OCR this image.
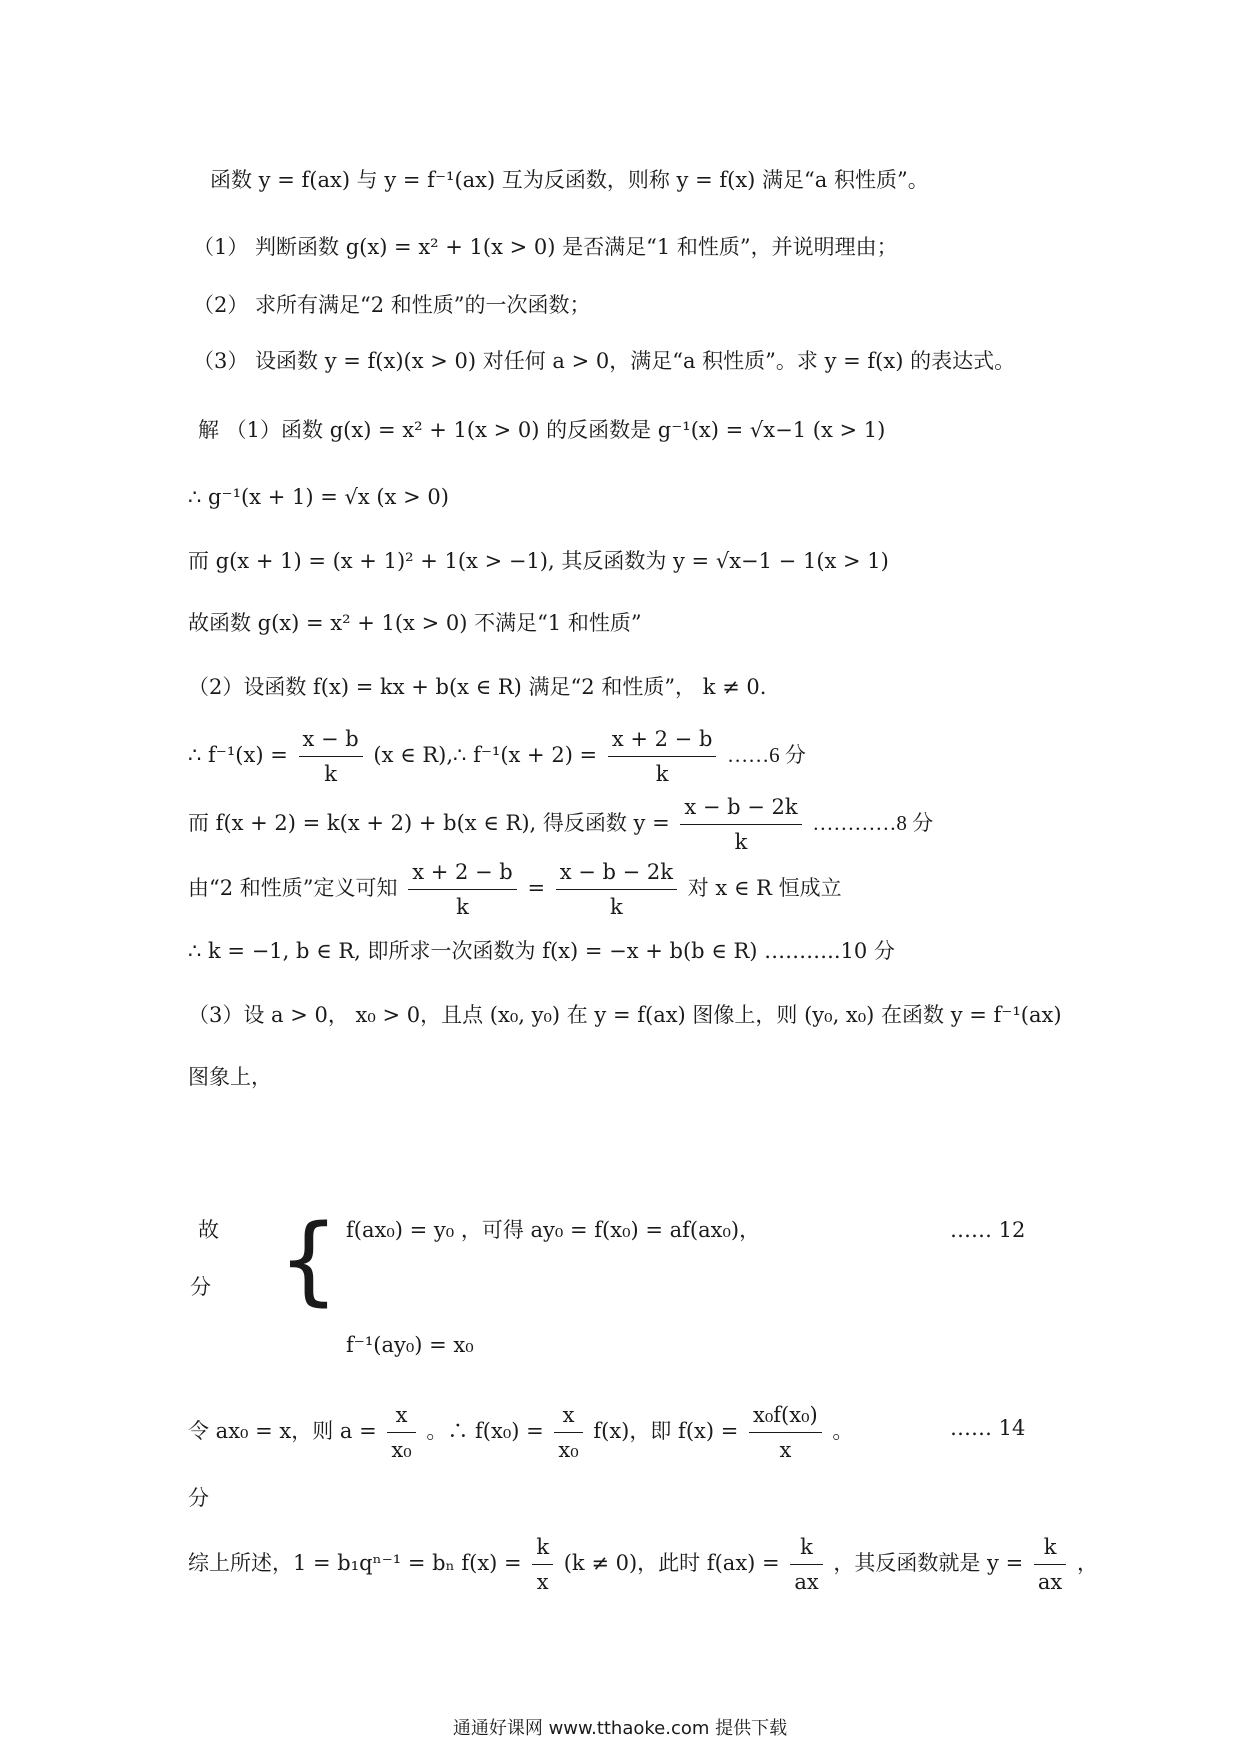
函数 y = f(ax) 与 y = f⁻¹(ax) 互为反函数，则称 y = f(x) 满足“a 积性质”。
（1） 判断函数 g(x) = x² + 1(x > 0) 是否满足“1 和性质”，并说明理由；
（2） 求所有满足“2 和性质”的一次函数；
（3） 设函数 y = f(x)(x > 0) 对任何 a > 0，满足“a 积性质”。求 y = f(x) 的表达式。
解 （1）函数 g(x) = x² + 1(x > 0) 的反函数是 g⁻¹(x) = √x−1 (x > 1)
∴ g⁻¹(x + 1) = √x (x > 0)
而 g(x + 1) = (x + 1)² + 1(x > −1), 其反函数为 y = √x−1 − 1(x > 1)
故函数 g(x) = x² + 1(x > 0) 不满足“1 和性质”
（2）设函数 f(x) = kx + b(x ∈ R) 满足“2 和性质”， k ≠ 0.
∴ $f^{-1}(x) = \frac{x - b}{k} (x$ ∈ R),∴ $f^{-1}(x + 2) = \frac{x + 2 - b}{k}$ ……6 分
而 f(x + 2) = k(x + 2) + b(x ∈ R), 得反函数 $y = \frac{x - b - 2k}{k}$ …………8 分
由“2 和性质”定义可知 $\frac{x + 2 - b}{k} = \frac{x - b - 2k}{k}$ 对 x ∈ R 恒成立
∴ k = −1, b ∈ R, 即所求一次函数为 f(x) = −x + b(b ∈ R) ………..10 分
（3）设 a > 0， x₀ > 0，且点 (x₀, y₀) 在 y = f(ax) 图像上，则 (y₀, x₀) 在函数 y = f⁻¹(ax)
图象上，
故
分 { f(ax₀) = y₀ ，可得 ay₀ = f(x₀) = af(ax₀)，
f⁻¹(ay₀) = x₀
…… 12
令 ax₀ = x，则 $a = \frac{x}{\text{x₀}}$ 。∴ $f(x_0) = \frac{x}{\text{x₀}} f(x)$，即 $f(x) = \frac{\text{x₀f(x₀)}}{x}$ 。	…… 14
分
综上所述，1 = b₁qⁿ⁻¹ = bₙ $f(x) = \frac{k}{x} (k \ne 0)$，此时 $f(ax) = \frac{k}{ax}$ ，其反函数就是 $y = \frac{k}{ax}$ ，
通通好课网 www.tthaoke.com 提供下载
